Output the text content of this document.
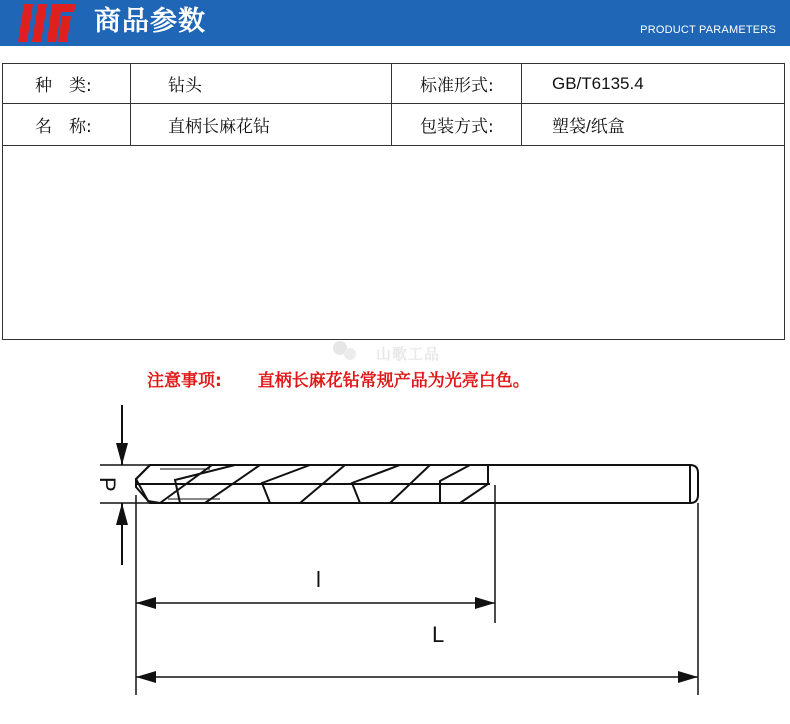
商品参数	PRODUCT PARAMETERS
种　类:	钻头	标准形式:	GB/T6135.4
名　称:	直柄长麻花钻	包装方式:	塑袋/纸盒
山歌工品
注意事项: 直柄长麻花钻常规产品为光亮白色。
P
l
L
